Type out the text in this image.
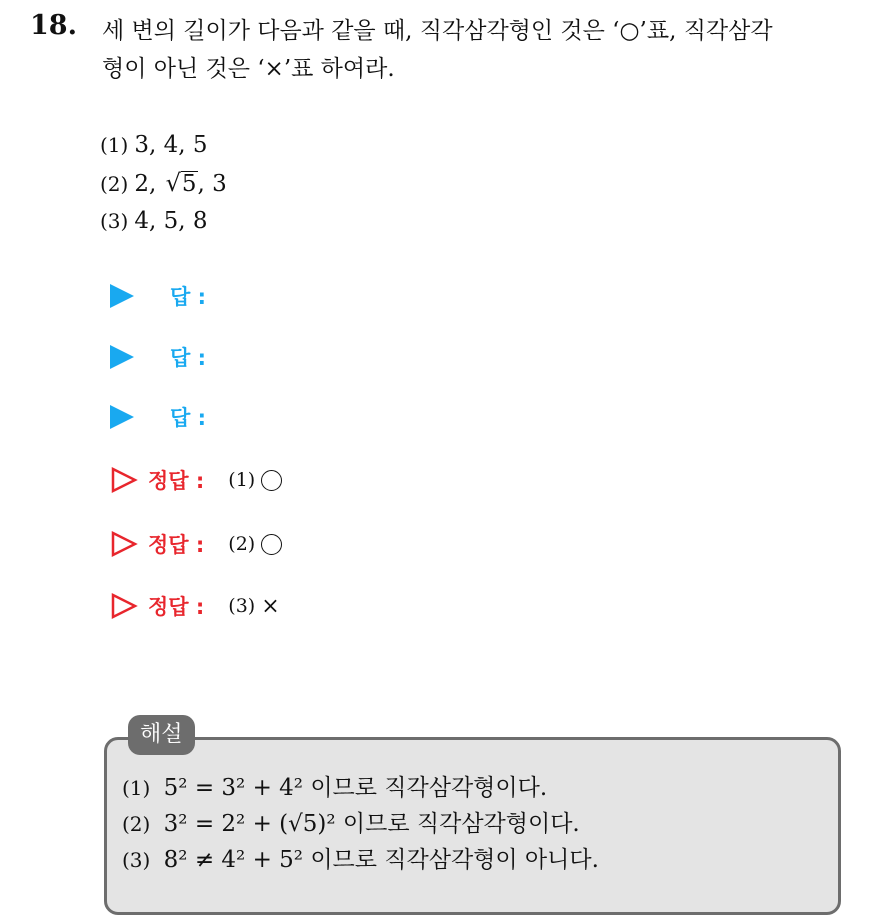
18. 세 변의 길이가 다음과 같을 때, 직각삼각형인 것은 ‘○’표, 직각삼각
형이 아닌 것은 ‘×’표 하여라.
(1) 3, 4, 5
(2) 2, √5, 3
(3) 4, 5, 8
답 :
답 :
답 :
정답 : (1)
정답 : (2)
정답 : (3) ×
해설
(1) 5² = 3² + 4² 이므로 직각삼각형이다.
(2) 3² = 2² + (√5)² 이므로 직각삼각형이다.
(3) 8² ≠ 4² + 5² 이므로 직각삼각형이 아니다.
